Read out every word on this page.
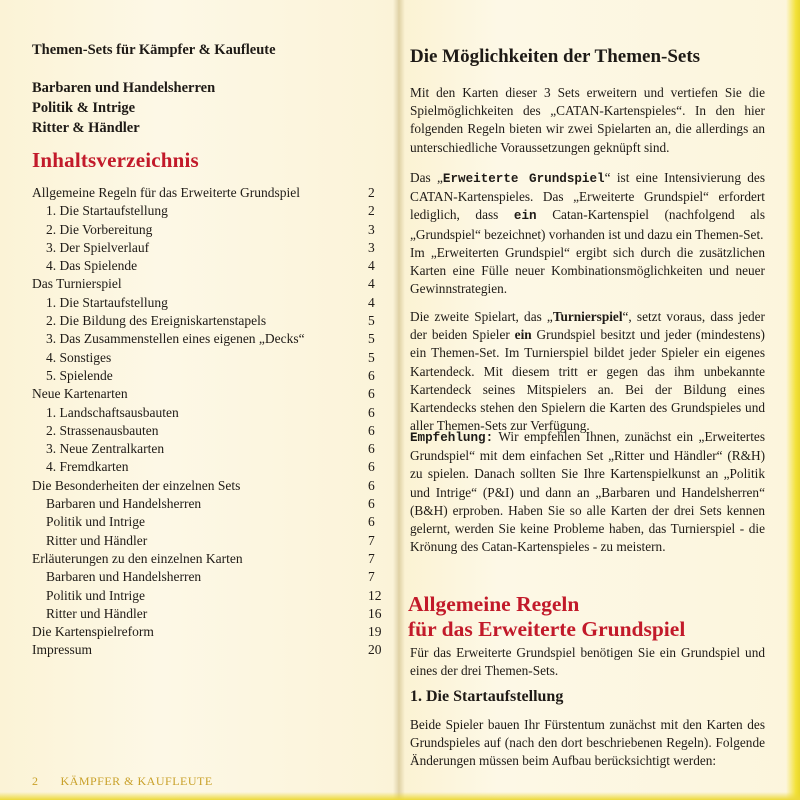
Themen-Sets für Kämpfer & Kaufleute
Barbaren und Handelsherren
Politik & Intrige
Ritter & Händler
Inhaltsverzeichnis
Allgemeine Regeln für das Erweiterte Grundspiel	2
1. Die Startaufstellung	2
2. Die Vorbereitung	3
3. Der Spielverlauf	3
4. Das Spielende	4
Das Turnierspiel	4
1. Die Startaufstellung	4
2. Die Bildung des Ereigniskartenstapels	5
3. Das Zusammenstellen eines eigenen „Decks“	5
4. Sonstiges	5
5. Spielende	6
Neue Kartenarten	6
1. Landschaftsausbauten	6
2. Strassenausbauten	6
3. Neue Zentralkarten	6
4. Fremdkarten	6
Die Besonderheiten der einzelnen Sets	6
Barbaren und Handelsherren	6
Politik und Intrige	6
Ritter und Händler	7
Erläuterungen zu den einzelnen Karten	7
Barbaren und Handelsherren	7
Politik und Intrige	12
Ritter und Händler	16
Die Kartenspielreform	19
Impressum	20
2 KÄMPFER & KAUFLEUTE
Die Möglichkeiten der Themen-Sets

Mit den Karten dieser 3 Sets erweitern und vertiefen Sie die Spielmöglichkeiten des „CATAN-Kartenspieles“. In den hier folgenden Regeln bieten wir zwei Spielarten an, die allerdings an unterschiedliche Voraussetzungen geknüpft sind.

Das „Erweiterte Grundspiel“ ist eine Intensivierung des CATAN-Kartenspieles. Das „Erweiterte Grundspiel“ erfordert lediglich, dass ein Catan-Kartenspiel (nachfolgend als „Grundspiel“ bezeichnet) vorhanden ist und dazu ein Themen-Set.

Im „Erweiterten Grundspiel“ ergibt sich durch die zusätzlichen Karten eine Fülle neuer Kombinationsmöglichkeiten und neuer Gewinnstrategien.

Die zweite Spielart, das „Turnierspiel“, setzt voraus, dass jeder der beiden Spieler ein Grundspiel besitzt und jeder (mindestens) ein Themen-Set. Im Turnierspiel bildet jeder Spieler ein eigenes Kartendeck. Mit diesem tritt er gegen das ihm unbekannte Kartendeck seines Mitspielers an. Bei der Bildung eines Kartendecks stehen den Spielern die Karten des Grundspieles und aller Themen-Sets zur Verfügung.

Empfehlung: Wir empfehlen Ihnen, zunächst ein „Erweitertes Grundspiel“ mit dem einfachen Set „Ritter und Händler“ (R&H) zu spielen. Danach sollten Sie Ihre Kartenspielkunst an „Politik und Intrige“ (P&I) und dann an „Barbaren und Handelsherren“ (B&H) erproben. Haben Sie so alle Karten der drei Sets kennen gelernt, werden Sie keine Probleme haben, das Turnierspiel - die Krönung des Catan-Kartenspieles - zu meistern.

Allgemeine Regeln
für das Erweiterte Grundspiel

Für das Erweiterte Grundspiel benötigen Sie ein Grundspiel und eines der drei Themen-Sets.

1. Die Startaufstellung

Beide Spieler bauen Ihr Fürstentum zunächst mit den Karten des Grundspieles auf (nach den dort beschriebenen Regeln). Folgende Änderungen müssen beim Aufbau berücksichtigt werden:
